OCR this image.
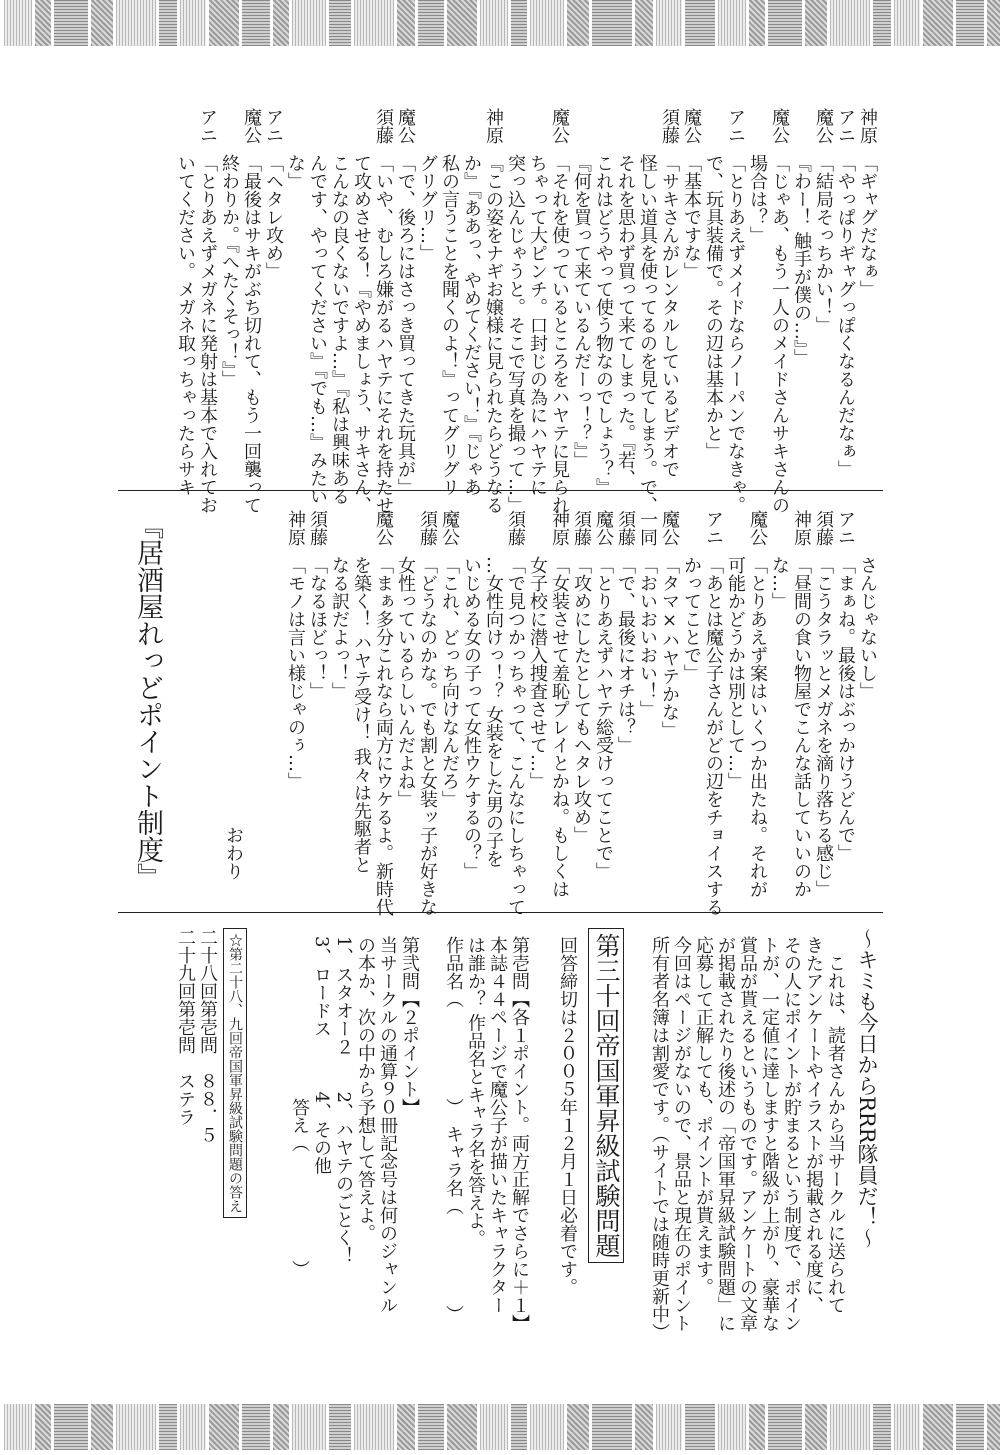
神原
「ギャグだなぁ」
アニ
「やっぱりギャグっぽくなるんだなぁ」
魔公
「結局そっちかい！」
『わー！ 触手が僕の…』」
魔公
「じゃあ、もう一人のメイドさんサキさんの
場合は？」
アニ
「とりあえずメイドならノーパンでなきゃ。
で、玩具装備で。その辺は基本かと」
魔公
「基本ですな」
須藤
「サキさんがレンタルしているビデオで
怪しい道具を使ってるのを見てしまう。で、
それを思わず買って来てしまった。『若、
これはどうやって使う物なのでしょう？』
『何を買って来ているんだーっ！？』」
魔公
「それを使っているところをハヤテに見られ
ちゃって大ピンチ。口封じの為にハヤテに
突っ込んじゃうと。そこで写真を撮って…」
神原
『この姿をナギお嬢様に見られたらどうなる
か』『ああっ、やめてください！』『じゃあ
私の言うことを聞くのよ！』ってグリグリ
グリグリ…」
魔公
「で、後ろにはさっき買ってきた玩具が」
須藤
「いや、むしろ嫌がるハヤテにそれを持たせ
て攻めさせる！『やめましょう、サキさん、
こんなの良くないですよ…』『私は興味ある
んです、やってください』『でも…』みたい
な」
アニ
「ヘタレ攻め」
魔公
「最後はサキがぶち切れて、もう一回襲って
終わりか。『へたくそっ！』」
アニ
「とりあえずメガネに発射は基本で入れてお
いてください。メガネ取っちゃったらサキ
さんじゃないし」
アニ
「まぁね。最後はぶっかけうどんで」
須藤
「こうタラッとメガネを滴り落ちる感じ」
神原
「昼間の食い物屋でこんな話していいのか
な…」
魔公
「とりあえず案はいくつか出たね。それが
可能かどうかは別として…」
アニ
「あとは魔公子さんがどの辺をチョイスする
かってことで」
魔公
「タマ×ハヤテかな」
一同
「おいおいおい！」
須藤
「で、最後にオチは？」
魔公
「とりあえずハヤテ総受けってことで」
須藤
「攻めにしたとしてもヘタレ攻め」
神原
「女装させて羞恥プレイとかね。もしくは
女子校に潜入捜査させて…」
須藤
「で見つかっちゃって、こんなにしちゃって
…女性向けっ！？ 女装をした男の子を
いじめる女の子って女性ウケするの？」
魔公
「これ、どっち向けなんだろ」
須藤
「どうなのかな。でも割と女装ッ子が好きな
女性っているらしいんだよね」
魔公
「まぁ多分これなら両方にウケるよ。新時代
を築く！ ハヤテ受け！ 我々は先駆者と
なる訳だよっ！」
須藤
「なるほどっ！」
神原
「モノは言い様じゃのぅ…」
『居酒屋れっどポイント制度』	おわり
〜キミも今日からRRR隊員だ！〜
　これは、読者さんから当サークルに送られて
きたアンケートやイラストが掲載される度に、
その人にポイントが貯まるという制度で、ポイン
トが、一定値に達しますと階級が上がり、豪華な
賞品が貰えるというものです。アンケートの文章
が掲載されたり後述の「帝国軍昇級試験問題」に
応募して正解しても、ポイントが貰えます。
今回はページがないので、景品と現在のポイント
所有者名簿は割愛です。（サイトでは随時更新中）
第三十回帝国軍昇級試験問題
回答締切は２００５年１２月１日必着です。
第壱問【各１ポイント。両方正解でさらに＋１】
本誌４４ページで魔公子が描いたキャラクター
は誰か？ 作品名とキャラ名を答えよ。
作品名（　　　　　）　キャラ名（　　　　　）
第弐問【２ポイント】
当サークルの通算９０冊記念号は何のジャンル
の本か、次の中から予想して答えよ。
1、スタオー２　　2、ハヤテのごとく！
3、ロードス　　　4、その他
　　　　　　　　　答え（　　　　　　）
☆第二十八、九回帝国軍昇級試験問題の答え
二十八回第壱問　８８．５
二十九回第壱問　ステラ
